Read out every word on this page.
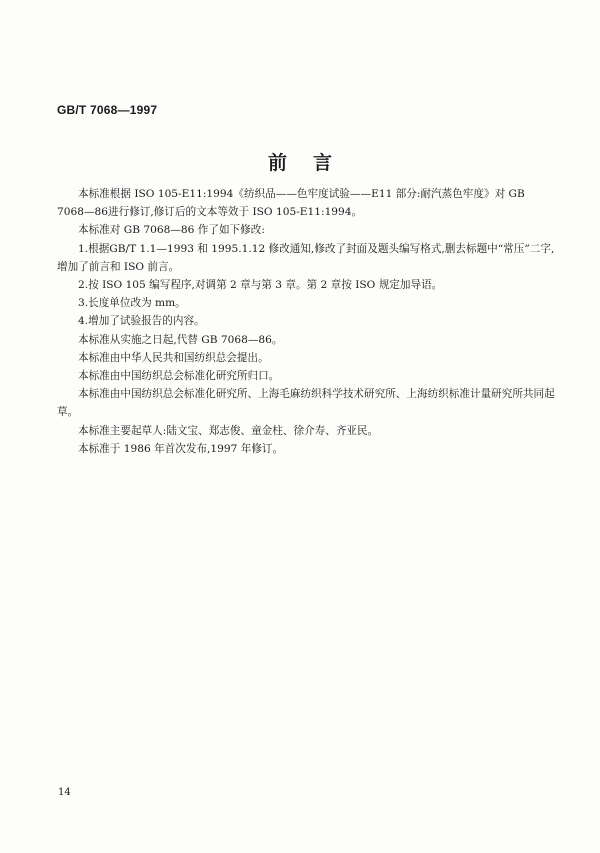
GB/T 7068—1997
前言

本标准根据 ISO 105-E11:1994《纺织品——色牢度试验——E11 部分:耐汽蒸色牢度》对 GB 7068—86进行修订,修订后的文本等效于 ISO 105-E11:1994。

本标准对 GB 7068—86 作了如下修改:

1.根据GB/T 1.1—1993 和 1995.1.12 修改通知,修改了封面及题头编写格式,删去标题中“常压”二字,增加了前言和 ISO 前言。

2.按 ISO 105 编写程序,对调第 2 章与第 3 章。第 2 章按 ISO 规定加导语。

3.长度单位改为 mm。

4.增加了试验报告的内容。

本标准从实施之日起,代替 GB 7068—86。

本标准由中华人民共和国纺织总会提出。

本标准由中国纺织总会标准化研究所归口。

本标准由中国纺织总会标准化研究所、上海毛麻纺织科学技术研究所、上海纺织标准计量研究所共同起草。

本标准主要起草人:陆文宝、郑志俊、童金柱、徐介寿、齐亚民。

本标准于 1986 年首次发布,1997 年修订。

14
